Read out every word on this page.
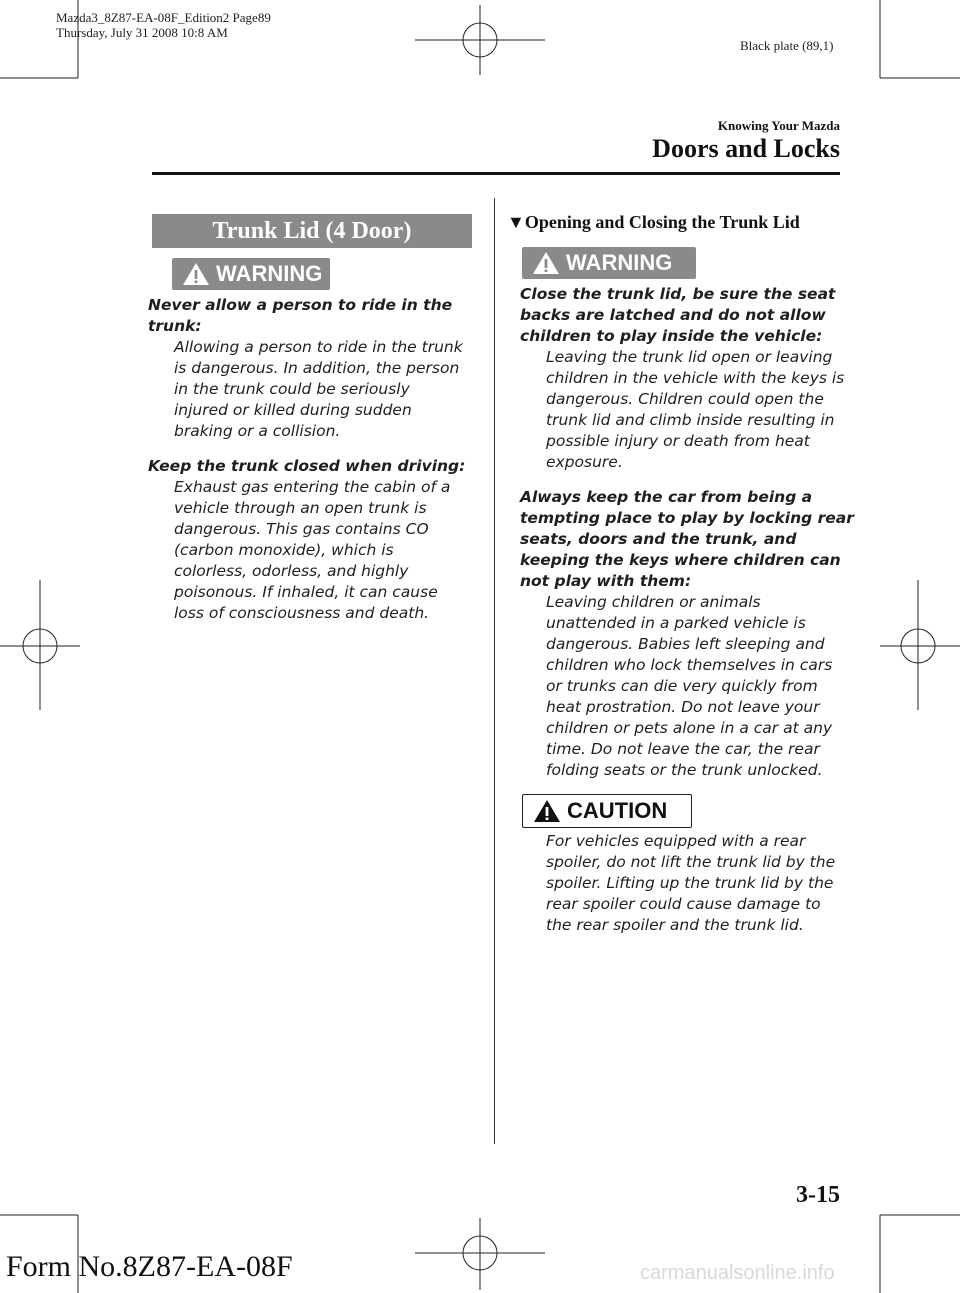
Mazda3_8Z87-EA-08F_Edition2 Page89
Thursday, July 31 2008 10:8 AM
Black plate (89,1)
Knowing Your Mazda
Doors and Locks
Trunk Lid (4 Door)
WARNING

Never allow a person to ride in the

trunk:

Allowing a person to ride in the trunk

is dangerous. In addition, the person

in the trunk could be seriously

injured or killed during sudden

braking or a collision.

Keep the trunk closed when driving:

Exhaust gas entering the cabin of a

vehicle through an open trunk is

dangerous. This gas contains CO

(carbon monoxide), which is

colorless, odorless, and highly

poisonous. If inhaled, it can cause

loss of consciousness and death.

▼Opening and Closing the Trunk Lid
WARNING

Close the trunk lid, be sure the seat

backs are latched and do not allow

children to play inside the vehicle:

Leaving the trunk lid open or leaving

children in the vehicle with the keys is

dangerous. Children could open the

trunk lid and climb inside resulting in

possible injury or death from heat

exposure.

Always keep the car from being a

tempting place to play by locking rear

seats, doors and the trunk, and

keeping the keys where children can

not play with them:

Leaving children or animals

unattended in a parked vehicle is

dangerous. Babies left sleeping and

children who lock themselves in cars

or trunks can die very quickly from

heat prostration. Do not leave your

children or pets alone in a car at any

time. Do not leave the car, the rear

folding seats or the trunk unlocked.

CAUTION

For vehicles equipped with a rear

spoiler, do not lift the trunk lid by the

spoiler. Lifting up the trunk lid by the

rear spoiler could cause damage to

the rear spoiler and the trunk lid.

3-15
Form No.8Z87-EA-08F	carmanualsonline.info
